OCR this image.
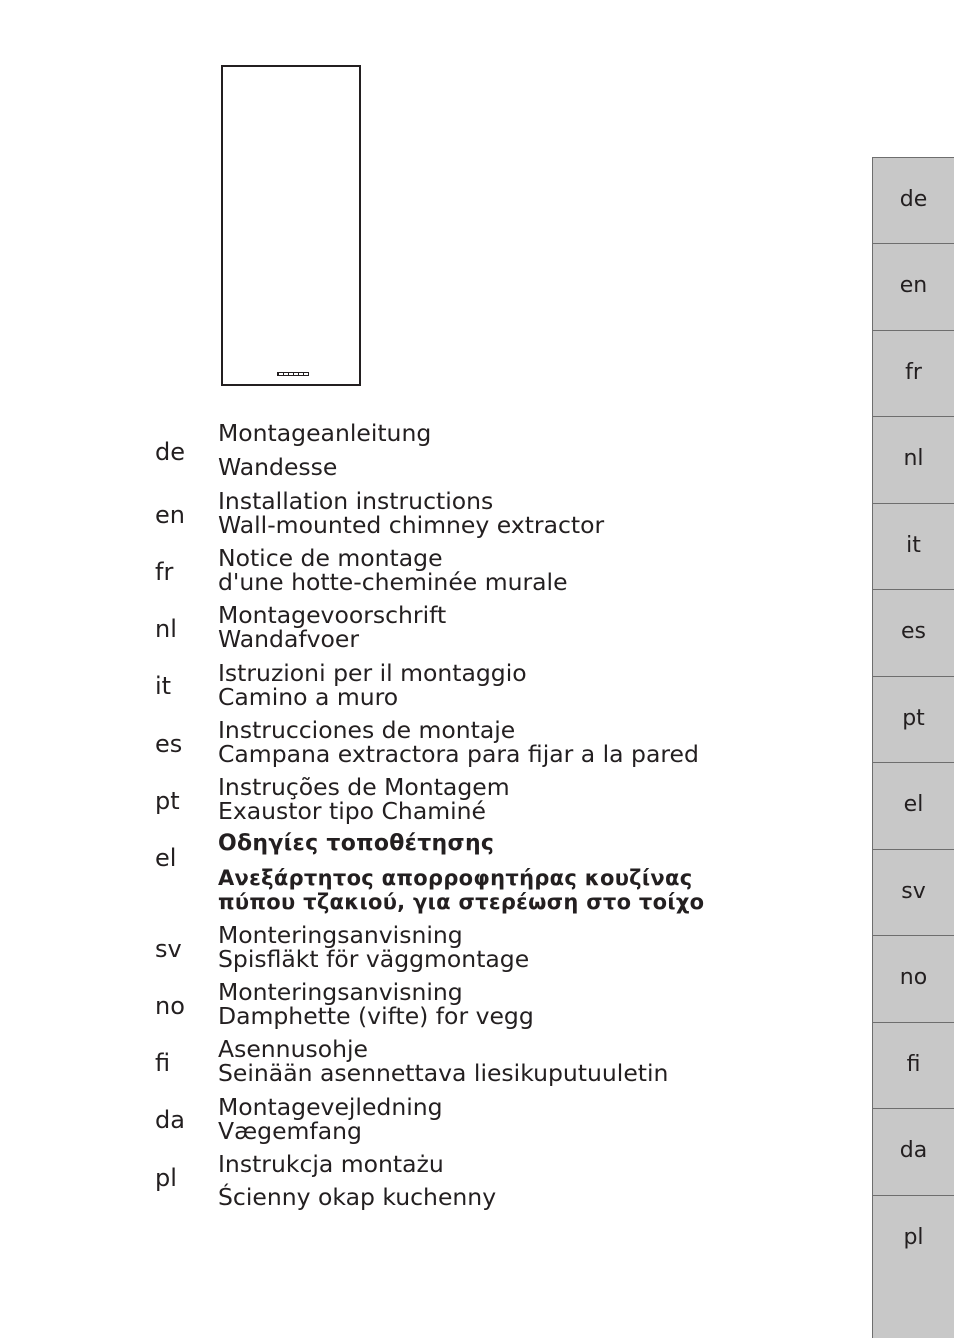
de
Montageanleitung
Wandesse
en Installation instructions
Wall-mounted chimney extractor
fr Notice de montage
d'une hotte-cheminée murale
nl Montagevoorschrift
Wandafvoer
it Istruzioni per il montaggio
Camino a muro
es Instrucciones de montaje
Campana extractora para fijar a la pared
pt Instruções de Montagem
Exaustor tipo Chaminé
el
Οδηγίες τοποθέτησης
Ανεξάρτητος απορροφητήρας κουζίνας
πύπου τζακιού, για στερέωση στο τοίχο
sv Monteringsanvisning
Spisfläkt för väggmontage
no Monteringsanvisning
Damphette (vifte) for vegg
fi Asennusohje
Seinään asennettava liesikuputuuletin
da Montagevejledning
Vægemfang
pl Instrukcja montażu
Ścienny okap kuchenny
de
en
fr
nl
it
es
pt
el
sv
no
fi
da
pl
